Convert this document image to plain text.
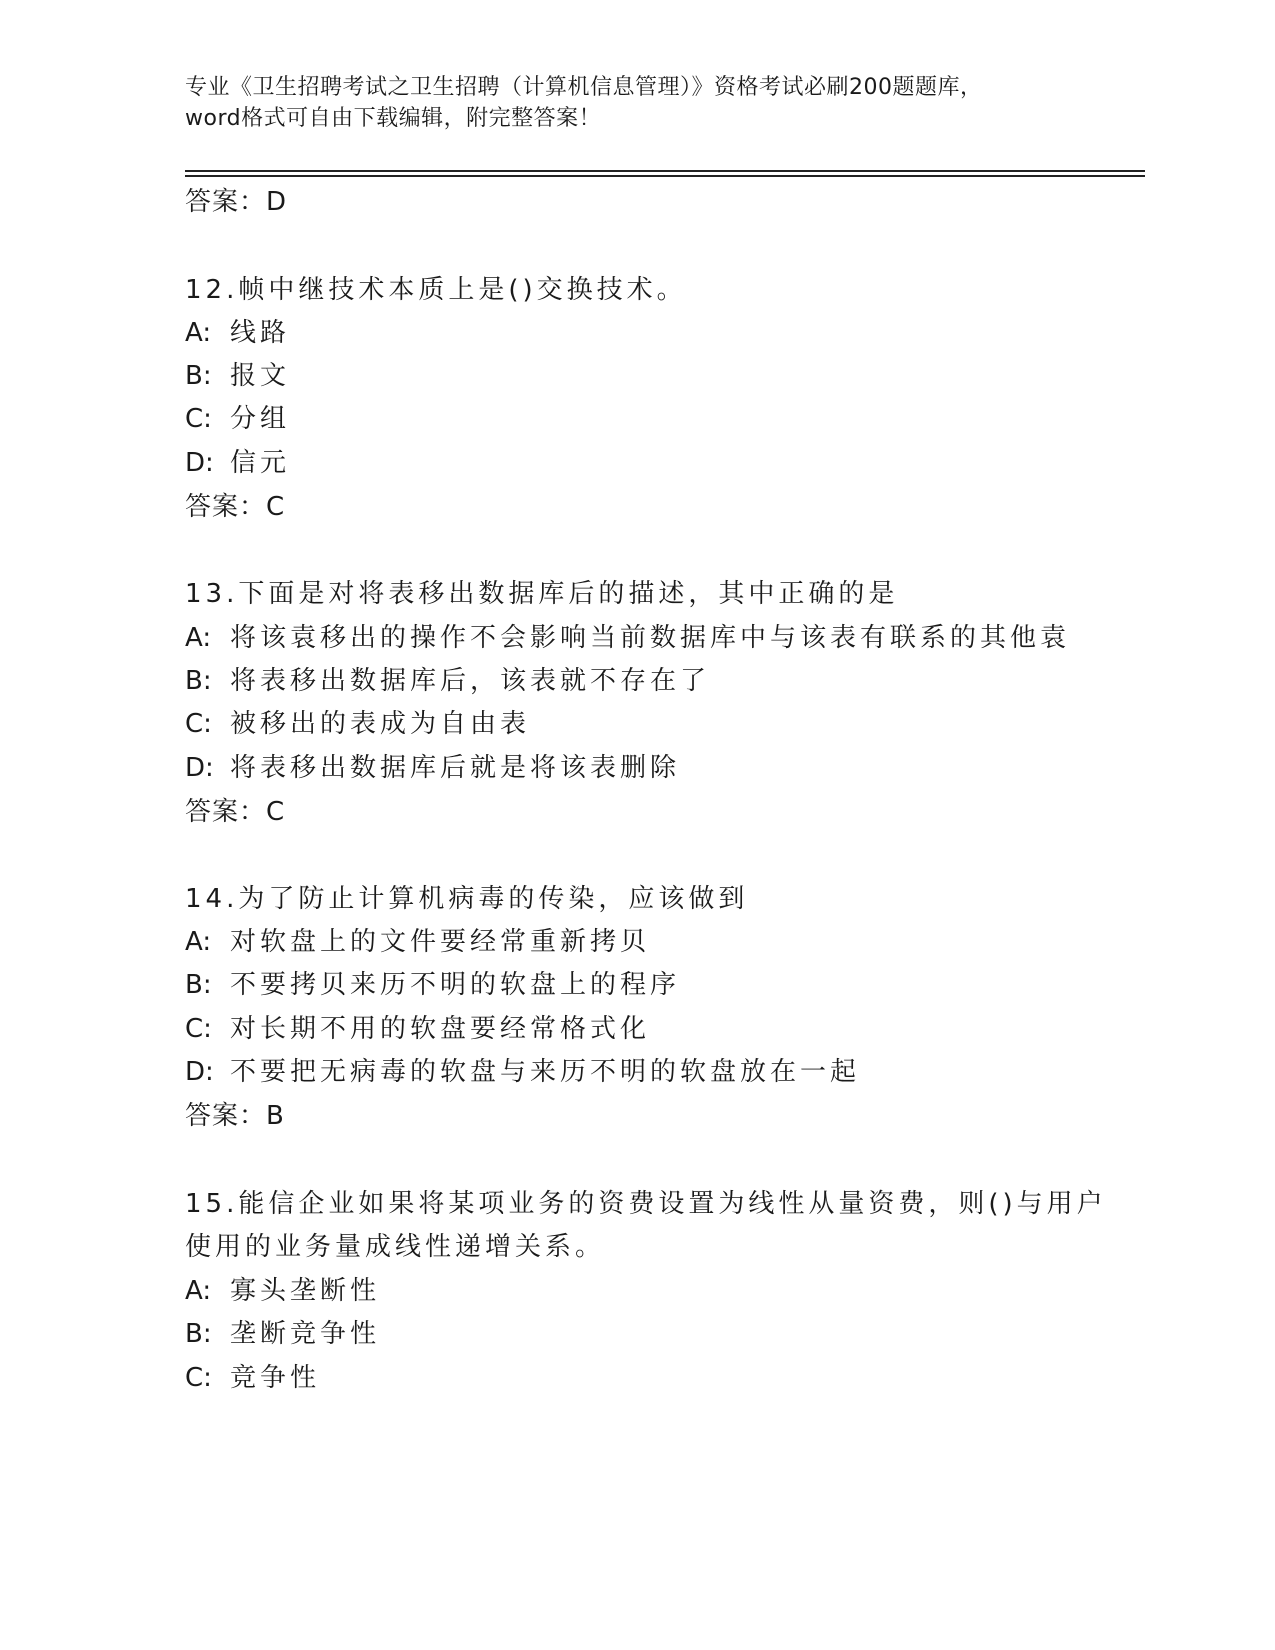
专业《卫生招聘考试之卫生招聘（计算机信息管理）》资格考试必刷200题题库，
word格式可自由下载编辑，附完整答案！
答案：D
12.帧中继技术本质上是()交换技术。
A: 线路
B: 报文
C: 分组
D: 信元
答案：C
13.下面是对将表移出数据库后的描述，其中正确的是
A: 将该袁移出的操作不会影响当前数据库中与该表有联系的其他袁
B: 将表移出数据库后，该表就不存在了
C: 被移出的表成为自由表
D: 将表移出数据库后就是将该表删除
答案：C
14.为了防止计算机病毒的传染，应该做到
A: 对软盘上的文件要经常重新拷贝
B: 不要拷贝来历不明的软盘上的程序
C: 对长期不用的软盘要经常格式化
D: 不要把无病毒的软盘与来历不明的软盘放在一起
答案：B
15.能信企业如果将某项业务的资费设置为线性从量资费，则()与用户
使用的业务量成线性递增关系。
A: 寡头垄断性
B: 垄断竞争性
C: 竞争性
